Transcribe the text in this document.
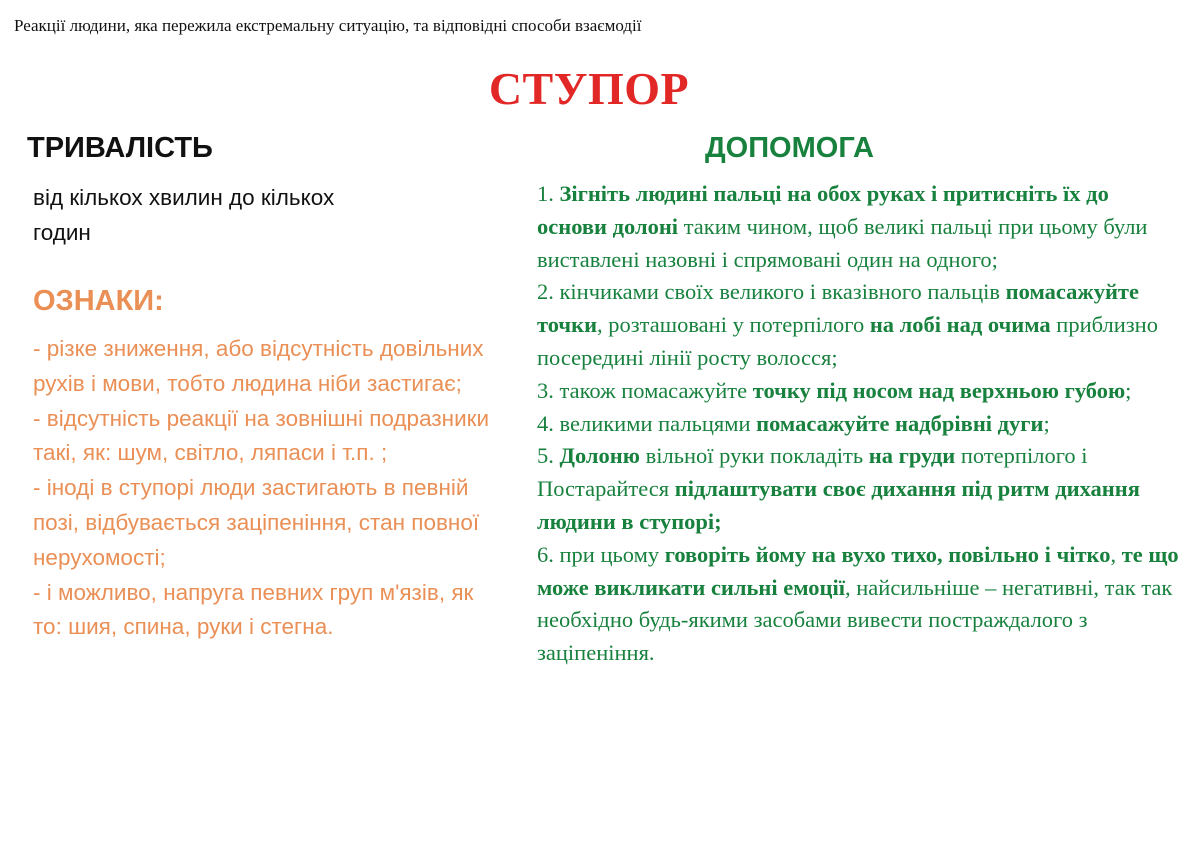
Реакції людини, яка пережила екстремальну ситуацію, та відповідні способи взаємодії
СТУПОР
ТРИВАЛІСТЬ
від кількох хвилин до кількох
годин
ОЗНАКИ:

- різке зниження, або відсутність довільних рухів і мови, тобто людина ніби застигає;

- відсутність реакції на зовнішні подразники такі, як: шум, світло, ляпаси і т.п. ;

- іноді в ступорі люди застигають в певній позі, відбувається заціпеніння, стан повної нерухомості;

- і можливо, напруга певних груп м'язів, як то: шия, спина, руки і стегна.

ДОПОМОГА

1. Зігніть людині пальці на обох руках і притисніть їх до основи долоні таким чином, щоб великі пальці при цьому були виставлені назовні і спрямовані один на одного;

2. кінчиками своїх великого і вказівного пальців помасажуйте точки, розташовані у потерпілого на лобі над очима приблизно посередині лінії росту волосся;

3. також помасажуйте точку під носом над верхньою губою;

4. великими пальцями помасажуйте надбрівні дуги;

5. Долоню вільної руки покладіть на груди потерпілого і Постарайтеся підлаштувати своє дихання під ритм дихання людини в ступорі;

6. при цьому говоріть йому на вухо тихо, повільно і чітко, те що може викликати сильні емоції, найсильніше – негативні, так так необхідно будь-якими засобами вивести постраждалого з заціпеніння.
